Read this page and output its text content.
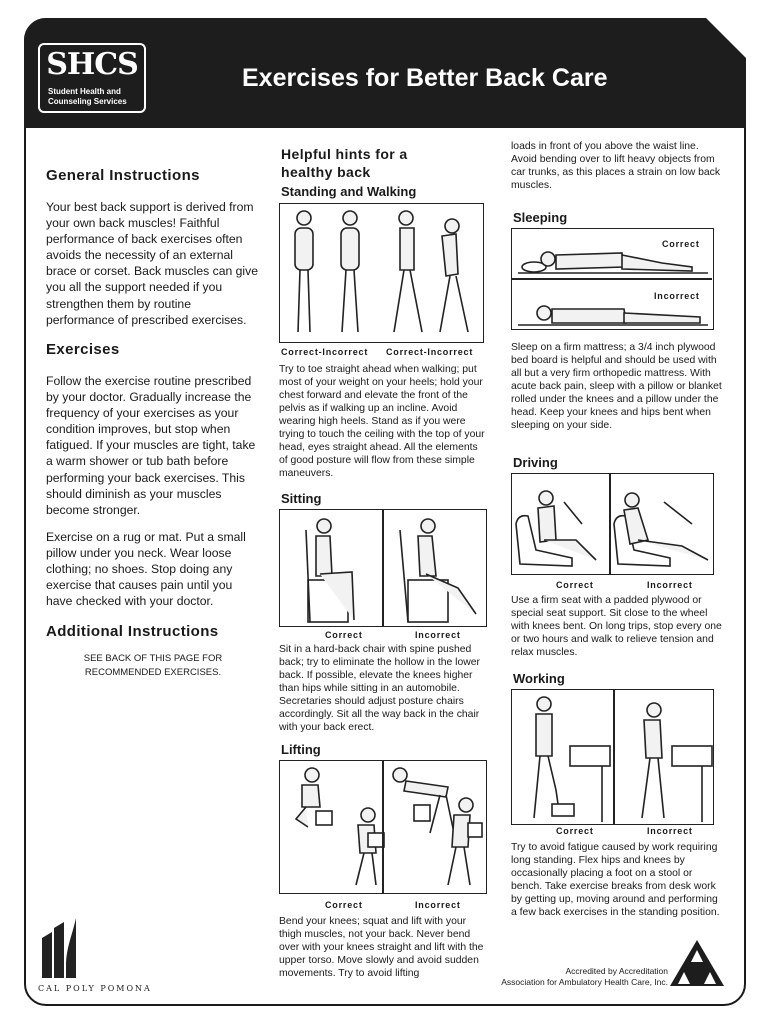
SHCS
Student Health and
Counseling Services
Exercises for Better Back Care
General Instructions

Your best back support is derived from your own back muscles! Faithful performance of back exercises often avoids the necessity of an external brace or corset. Back muscles can give you all the support needed if you strengthen them by routine performance of prescribed exercises.

Exercises

Follow the exercise routine prescribed by your doctor. Gradually increase the frequency of your exercises as your condition improves, but stop when fatigued. If your muscles are tight, take a warm shower or tub bath before performing your back exercises. This should diminish as your muscles become stronger.

Exercise on a rug or mat. Put a small pillow under you neck. Wear loose clothing; no shoes. Stop doing any exercise that causes pain until you have checked with your doctor.

Additional Instructions
SEE BACK OF THIS PAGE FOR
RECOMMENDED EXERCISES.
CAL POLY POMONA
Helpful hints for a
healthy back
Standing and Walking
Correct-Incorrect Correct-Incorrect

Try to toe straight ahead when walking; put most of your weight on your heels; hold your chest forward and elevate the front of the pelvis as if walking up an incline. Avoid wearing high heels. Stand as if you were trying to touch the ceiling with the top of your head, eyes straight ahead. All the elements of good posture will flow from these simple maneuvers.

Sitting
Correct	Incorrect

Sit in a hard-back chair with spine pushed back; try to eliminate the hollow in the lower back. If possible, elevate the knees higher than hips while sitting in an automobile. Secretaries should adjust posture chairs accordingly. Sit all the way back in the chair with your back erect.

Lifting
Correct	Incorrect

Bend your knees; squat and lift with your thigh muscles, not your back. Never bend over with your knees straight and lift with the upper torso. Move slowly and avoid sudden movements. Try to avoid lifting

loads in front of you above the waist line. Avoid bending over to lift heavy objects from car trunks, as this places a strain on low back muscles.

Sleeping
Correct
Incorrect

Sleep on a firm mattress; a 3/4 inch plywood bed board is helpful and should be used with all but a very firm orthopedic mattress. With acute back pain, sleep with a pillow or blanket rolled under the knees and a pillow under the head. Keep your knees and hips bent when sleeping on your side.

Driving
Correct	Incorrect

Use a firm seat with a padded plywood or special seat support. Sit close to the wheel with knees bent. On long trips, stop every one or two hours and walk to relieve tension and relax muscles.

Working
Correct	Incorrect

Try to avoid fatigue caused by work requiring long standing. Flex hips and knees by occasionally placing a foot on a stool or bench. Take exercise breaks from desk work by getting up, moving around and performing a few back exercises in the standing position.

Accredited by Accreditation
Association for Ambulatory Health Care, Inc.
